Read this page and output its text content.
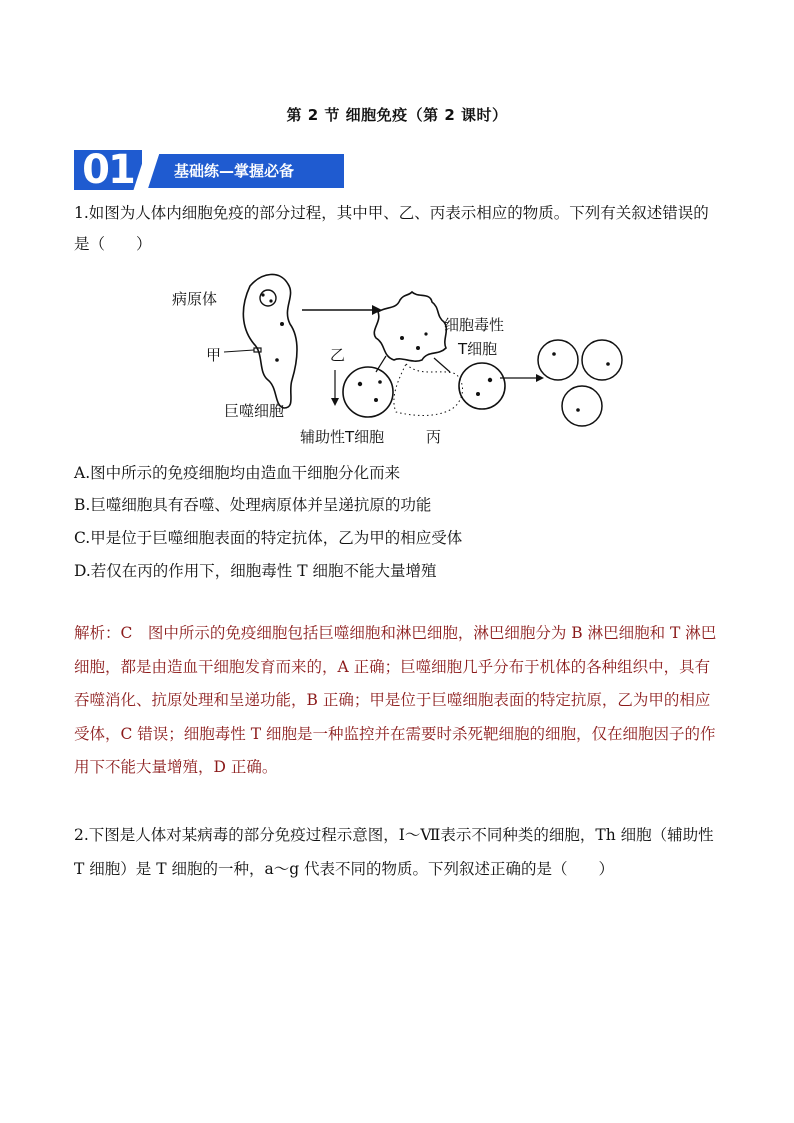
第 2 节 细胞免疫（第 2 课时）
01	基础练—掌握必备
1.如图为人体内细胞免疫的部分过程，其中甲、乙、丙表示相应的物质。下列有关叙述错误的是（　　）
病原体
甲
巨噬细胞
乙
细胞毒性
T细胞
辅助性T细胞	丙
A.图中所示的免疫细胞均由造血干细胞分化而来
B.巨噬细胞具有吞噬、处理病原体并呈递抗原的功能
C.甲是位于巨噬细胞表面的特定抗体，乙为甲的相应受体
D.若仅在丙的作用下，细胞毒性 T 细胞不能大量增殖
解析：C　图中所示的免疫细胞包括巨噬细胞和淋巴细胞，淋巴细胞分为 B 淋巴细胞和 T 淋巴细胞，都是由造血干细胞发育而来的，A 正确；巨噬细胞几乎分布于机体的各种组织中，具有吞噬消化、抗原处理和呈递功能，B 正确；甲是位于巨噬细胞表面的特定抗原，乙为甲的相应受体，C 错误；细胞毒性 T 细胞是一种监控并在需要时杀死靶细胞的细胞，仅在细胞因子的作用下不能大量增殖，D 正确。
2.下图是人体对某病毒的部分免疫过程示意图，Ⅰ～Ⅶ表示不同种类的细胞，Th 细胞（辅助性 T 细胞）是 T 细胞的一种，a～g 代表不同的物质。下列叙述正确的是（　　）
